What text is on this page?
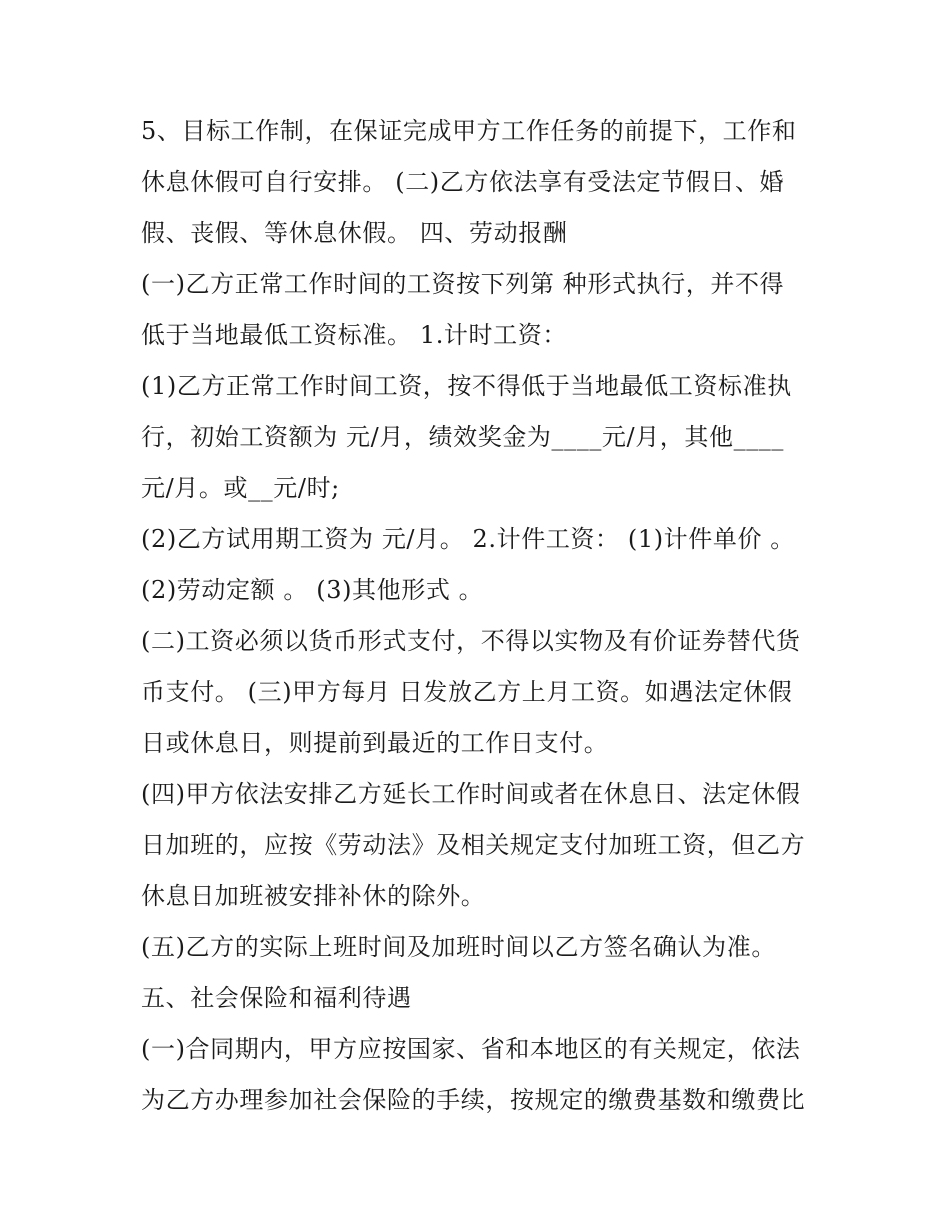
5、目标工作制，在保证完成甲方工作任务的前提下，工作和
休息休假可自行安排。 (二)乙方依法享有受法定节假日、婚
假、丧假、等休息休假。 四、劳动报酬
(一)乙方正常工作时间的工资按下列第 种形式执行，并不得
低于当地最低工资标准。 1.计时工资：
(1)乙方正常工作时间工资，按不得低于当地最低工资标准执
行，初始工资额为 元/月，绩效奖金为____元/月，其他____
元/月。或__元/时;
(2)乙方试用期工资为 元/月。 2.计件工资： (1)计件单价 。
(2)劳动定额 。 (3)其他形式 。
(二)工资必须以货币形式支付，不得以实物及有价证券替代货
币支付。 (三)甲方每月 日发放乙方上月工资。如遇法定休假
日或休息日，则提前到最近的工作日支付。
(四)甲方依法安排乙方延长工作时间或者在休息日、法定休假
日加班的，应按《劳动法》及相关规定支付加班工资，但乙方
休息日加班被安排补休的除外。
(五)乙方的实际上班时间及加班时间以乙方签名确认为准。
五、社会保险和福利待遇
(一)合同期内，甲方应按国家、省和本地区的有关规定，依法
为乙方办理参加社会保险的手续，按规定的缴费基数和缴费比
